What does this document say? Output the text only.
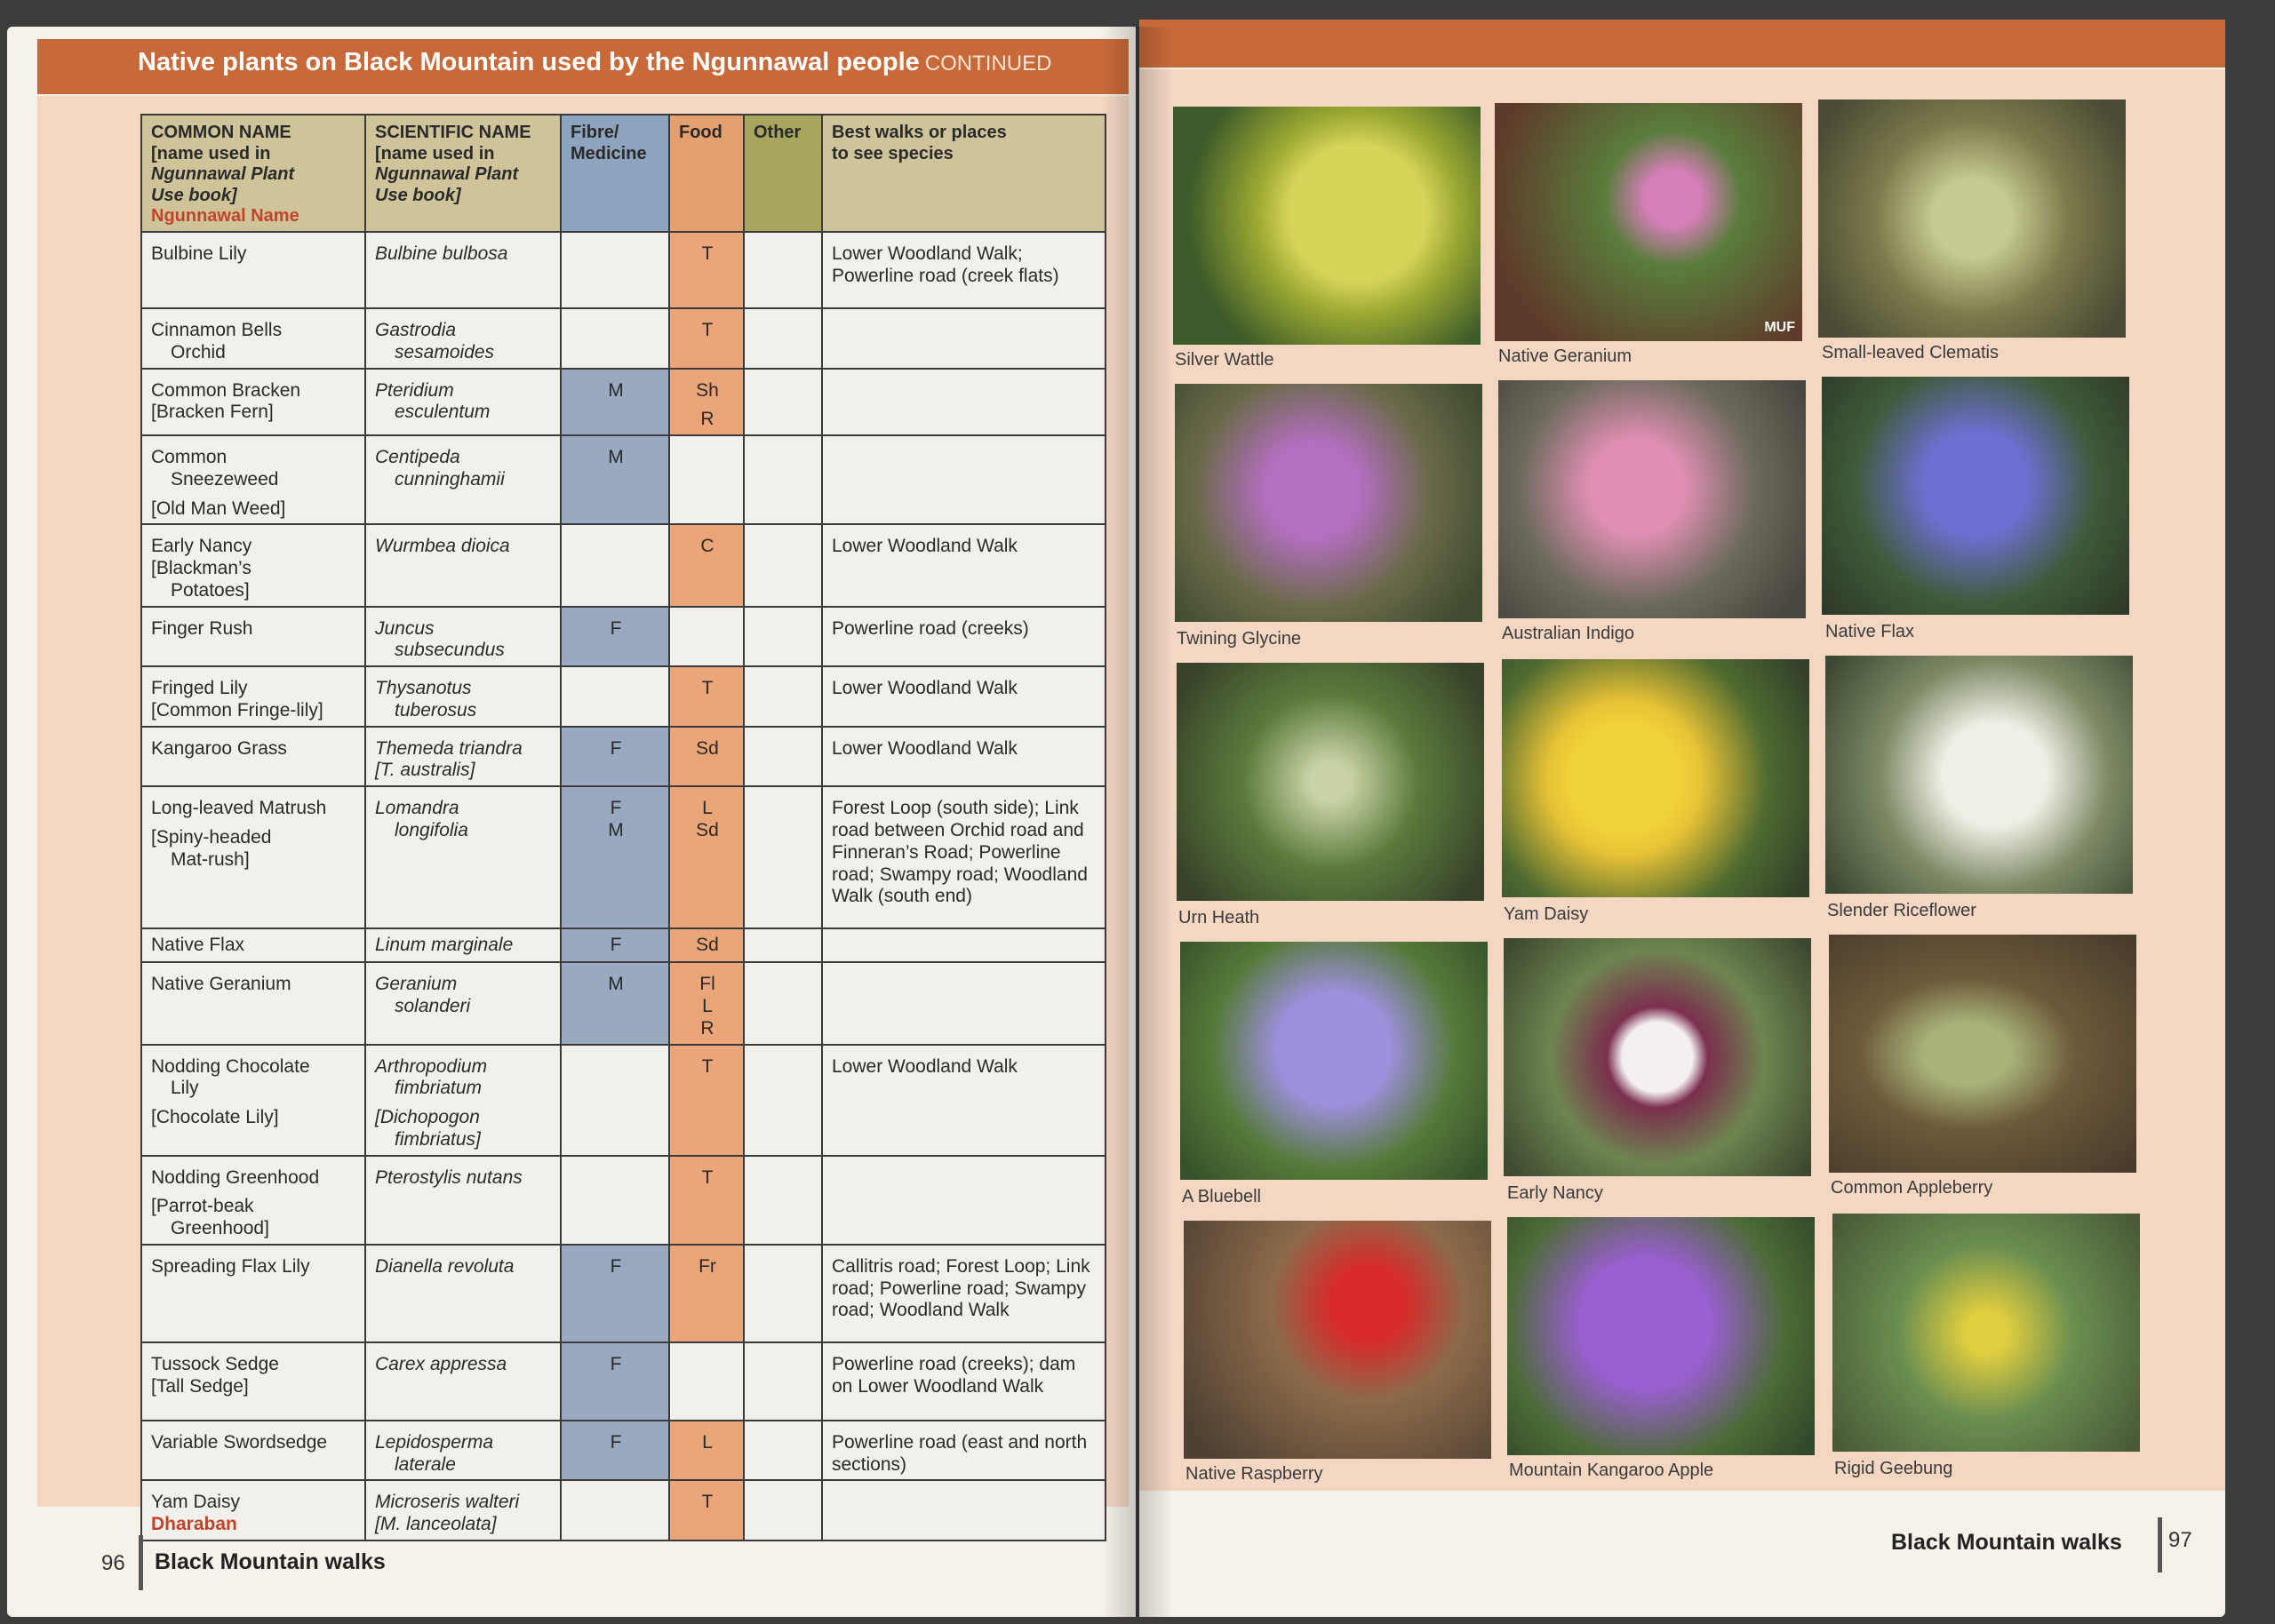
Native plants on Black Mountain used by the Ngunnawal people CONTINUED
COMMON NAME
[name used in
Ngunnawal Plant
Use book]
Ngunnawal Name	SCIENTIFIC NAME
[name used in
Ngunnawal Plant
Use book]	Fibre/
Medicine	Food	Other	Best walks or places
to see species

Bulbine Lily	Bulbine bulbosa		T		Lower Woodland Walk; Powerline road (creek flats)

Cinnamon Bells
Orchid	Gastrodia
sesamoides		T		

Common Bracken
[Bracken Fern]	Pteridium
esculentum	M	Sh
R		

Common
Sneezeweed
[Old Man Weed]	Centipeda
cunninghamii	M			

Early Nancy
[Blackman’s
Potatoes]	Wurmbea dioica		C		Lower Woodland Walk

Finger Rush	Juncus
subsecundus	F			Powerline road (creeks)

Fringed Lily
[Common Fringe-lily]	Thysanotus
tuberosus		T		Lower Woodland Walk

Kangaroo Grass	Themeda triandra
[T. australis]	F	Sd		Lower Woodland Walk

Long-leaved Matrush
[Spiny-headed
Mat-rush]	Lomandra
longifolia	F
M	L
Sd		Forest Loop (south side); Link road between Orchid road and Finneran’s Road; Powerline road; Swampy road; Woodland Walk (south end)

Native Flax	Linum marginale	F	Sd		

Native Geranium	Geranium
solanderi	M	Fl
L
R		

Nodding Chocolate
Lily
[Chocolate Lily]	Arthropodium
fimbriatum
[Dichopogon
fimbriatus]		T		Lower Woodland Walk

Nodding Greenhood
[Parrot-beak
Greenhood]	Pterostylis nutans		T		

Spreading Flax Lily	Dianella revoluta	F	Fr		Callitris road; Forest Loop; Link road; Powerline road; Swampy road; Woodland Walk

Tussock Sedge
[Tall Sedge]	Carex appressa	F			Powerline road (creeks); dam on Lower Woodland Walk

Variable Swordsedge	Lepidosperma
laterale	F	L		Powerline road (east and north sections)

Yam Daisy
Dharaban	Microseris walteri
[M. lanceolata]		T		
96 Black Mountain walks
Black Mountain walks 97
Silver Wattle
MUF
Native Geranium	Small-leaved Clematis
Twining Glycine	Australian Indigo	Native Flax
Urn Heath	Yam Daisy	Slender Riceflower
A Bluebell	Early Nancy	Common Appleberry
Native Raspberry	Mountain Kangaroo Apple	Rigid Geebung
